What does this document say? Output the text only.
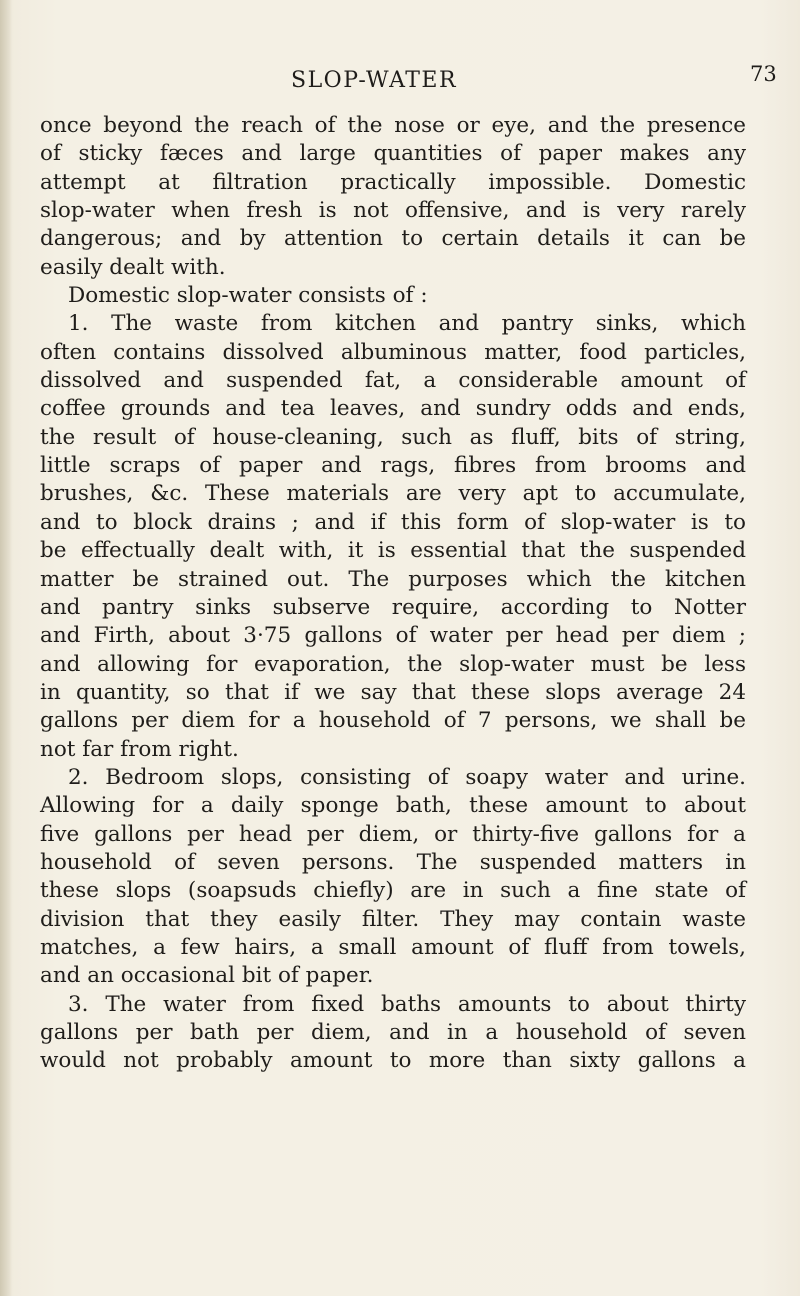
SLOP-WATER	73
once beyond the reach of the nose or eye, and the presence
of sticky fæces and large quantities of paper makes any
attempt at filtration practically impossible. Domestic
slop-water when fresh is not offensive, and is very rarely
dangerous; and by attention to certain details it can be
easily dealt with.
Domestic slop-water consists of :
1. The waste from kitchen and pantry sinks, which
often contains dissolved albuminous matter, food particles,
dissolved and suspended fat, a considerable amount of
coffee grounds and tea leaves, and sundry odds and ends,
the result of house-cleaning, such as fluff, bits of string,
little scraps of paper and rags, fibres from brooms and
brushes, &c. These materials are very apt to accumulate,
and to block drains ; and if this form of slop-water is to
be effectually dealt with, it is essential that the suspended
matter be strained out. The purposes which the kitchen
and pantry sinks subserve require, according to Notter
and Firth, about 3·75 gallons of water per head per diem ;
and allowing for evaporation, the slop-water must be less
in quantity, so that if we say that these slops average 24
gallons per diem for a household of 7 persons, we shall be
not far from right.
2. Bedroom slops, consisting of soapy water and urine.
Allowing for a daily sponge bath, these amount to about
five gallons per head per diem, or thirty-five gallons for a
household of seven persons. The suspended matters in
these slops (soapsuds chiefly) are in such a fine state of
division that they easily filter. They may contain waste
matches, a few hairs, a small amount of fluff from towels,
and an occasional bit of paper.
3. The water from fixed baths amounts to about thirty
gallons per bath per diem, and in a household of seven
would not probably amount to more than sixty gallons a
